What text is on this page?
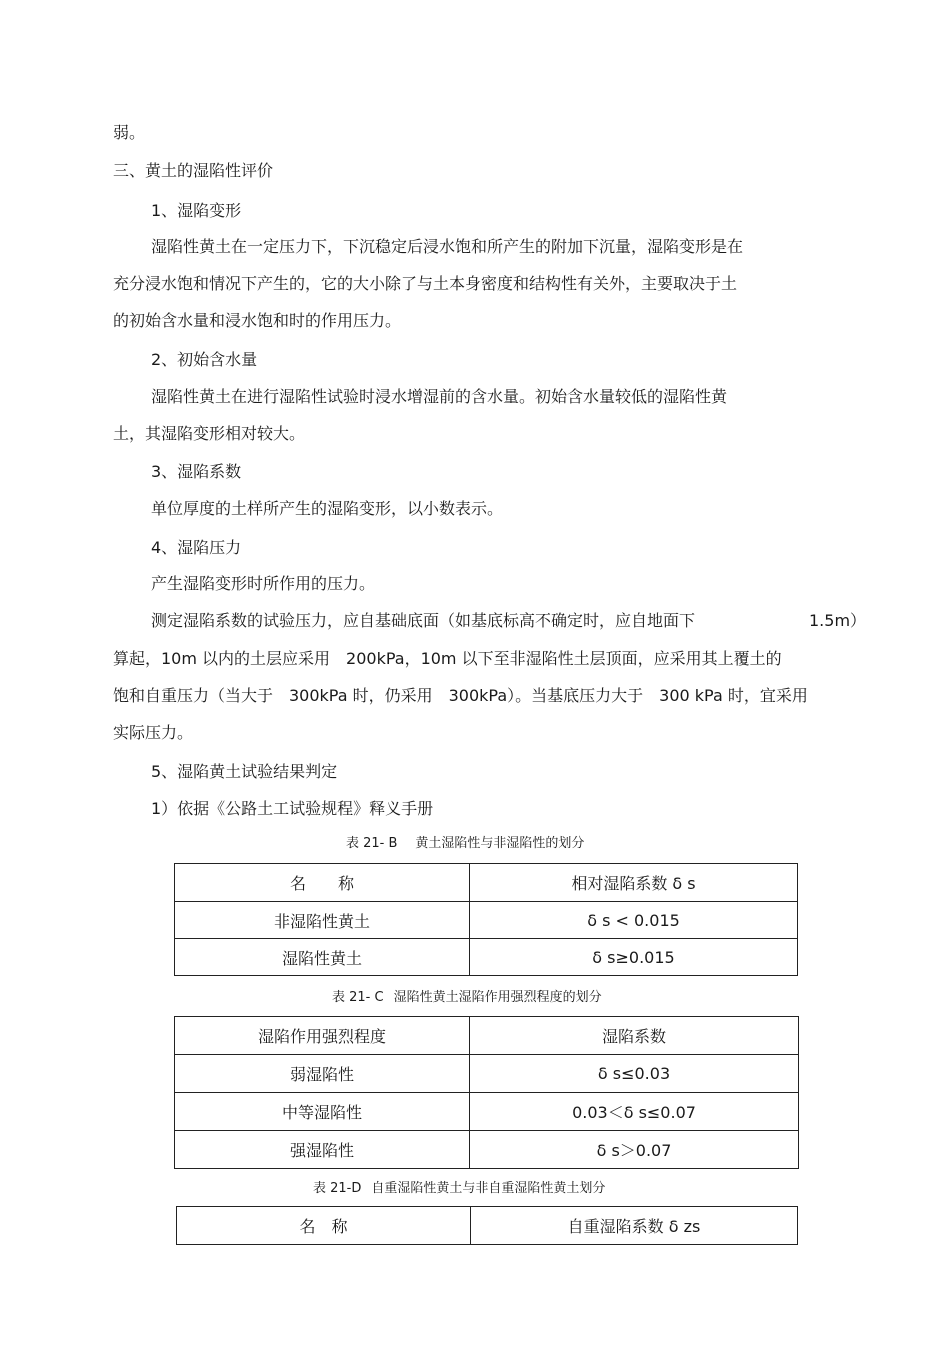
弱。
三、黄土的湿陷性评价
1、湿陷变形
湿陷性黄土在一定压力下，下沉稳定后浸水饱和所产生的附加下沉量，湿陷变形是在
充分浸水饱和情况下产生的，它的大小除了与土本身密度和结构性有关外，主要取决于土
的初始含水量和浸水饱和时的作用压力。
2、初始含水量
湿陷性黄土在进行湿陷性试验时浸水增湿前的含水量。初始含水量较低的湿陷性黄
土，其湿陷变形相对较大。
3、湿陷系数
单位厚度的土样所产生的湿陷变形，以小数表示。
4、湿陷压力
产生湿陷变形时所作用的压力。
测定湿陷系数的试验压力，应自基础底面（如基底标高不确定时，应自地面下	1.5m）
算起，10m 以内的土层应采用　200kPa，10m 以下至非湿陷性土层顶面，应采用其上覆土的
饱和自重压力（当大于　300kPa 时，仍采用　300kPa）。当基底压力大于　300 kPa 时，宜采用
实际压力。
5、湿陷黄土试验结果判定
1）依据《公路土工试验规程》释义手册
表 21- B 黄土湿陷性与非湿陷性的划分
名　　称	相对湿陷系数 δ s
非湿陷性黄土	δ s < 0.015
湿陷性黄土	δ s≥0.015
表 21- C 湿陷性黄土湿陷作用强烈程度的划分
湿陷作用强烈程度	湿陷系数
弱湿陷性	δ s≤0.03
中等湿陷性	0.03＜δ s≤0.07
强湿陷性	δ s＞0.07
表 21-D 自重湿陷性黄土与非自重湿陷性黄土划分
名　称	自重湿陷系数 δ zs
